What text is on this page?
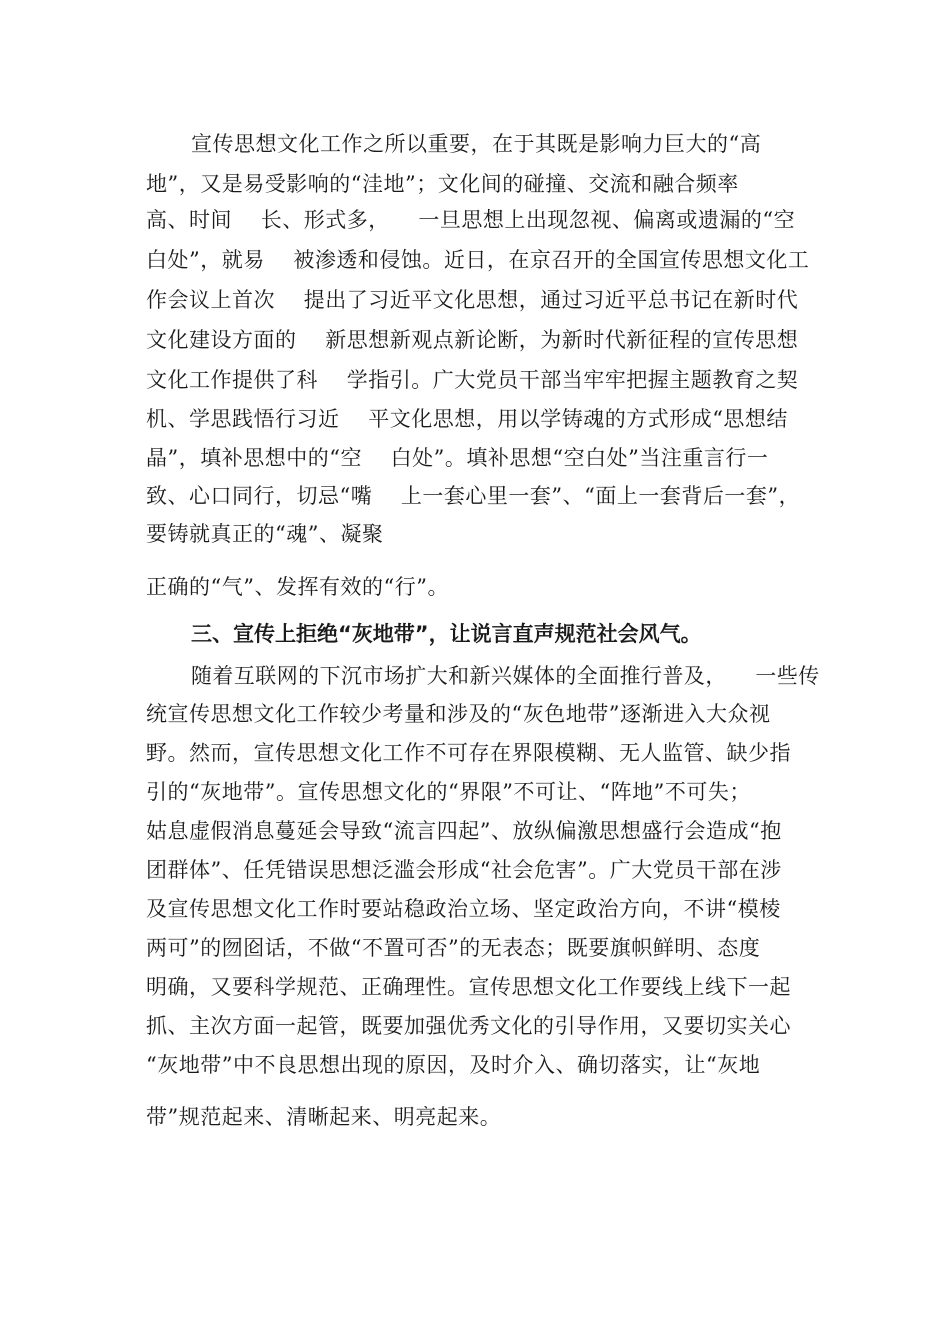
宣传思想文化工作之所以重要，在于其既是影响力巨大的“高
地”，又是易受影响的“洼地”；文化间的碰撞、交流和融合频率
高、时间    长、形式多，    一旦思想上出现忽视、偏离或遗漏的“空
白处”，就易    被渗透和侵蚀。近日，在京召开的全国宣传思想文化工
作会议上首次    提出了习近平文化思想，通过习近平总书记在新时代
文化建设方面的    新思想新观点新论断，为新时代新征程的宣传思想
文化工作提供了科    学指引。广大党员干部当牢牢把握主题教育之契
机、学思践悟行习近    平文化思想，用以学铸魂的方式形成“思想结
晶”，填补思想中的“空    白处”。填补思想“空白处”当注重言行一
致、心口同行，切忌“嘴    上一套心里一套”、“面上一套背后一套”，
要铸就真正的“魂”、凝聚
正确的“气”、发挥有效的“行”。
三、宣传上拒绝“灰地带”，让说言直声规范社会风气。
随着互联网的下沉市场扩大和新兴媒体的全面推行普及，    一些传
统宣传思想文化工作较少考量和涉及的“灰色地带”逐渐进入大众视
野。然而，宣传思想文化工作不可存在界限模糊、无人监管、缺少指
引的“灰地带”。宣传思想文化的“界限”不可让、“阵地”不可失；
姑息虚假消息蔓延会导致“流言四起”、放纵偏激思想盛行会造成“抱
团群体”、任凭错误思想泛滥会形成“社会危害”。广大党员干部在涉
及宣传思想文化工作时要站稳政治立场、坚定政治方向，不讲“模棱
两可”的囫囵话，不做“不置可否”的无表态；既要旗帜鲜明、态度
明确，又要科学规范、正确理性。宣传思想文化工作要线上线下一起
抓、主次方面一起管，既要加强优秀文化的引导作用，又要切实关心
“灰地带”中不良思想出现的原因，及时介入、确切落实，让“灰地
带”规范起来、清晰起来、明亮起来。
